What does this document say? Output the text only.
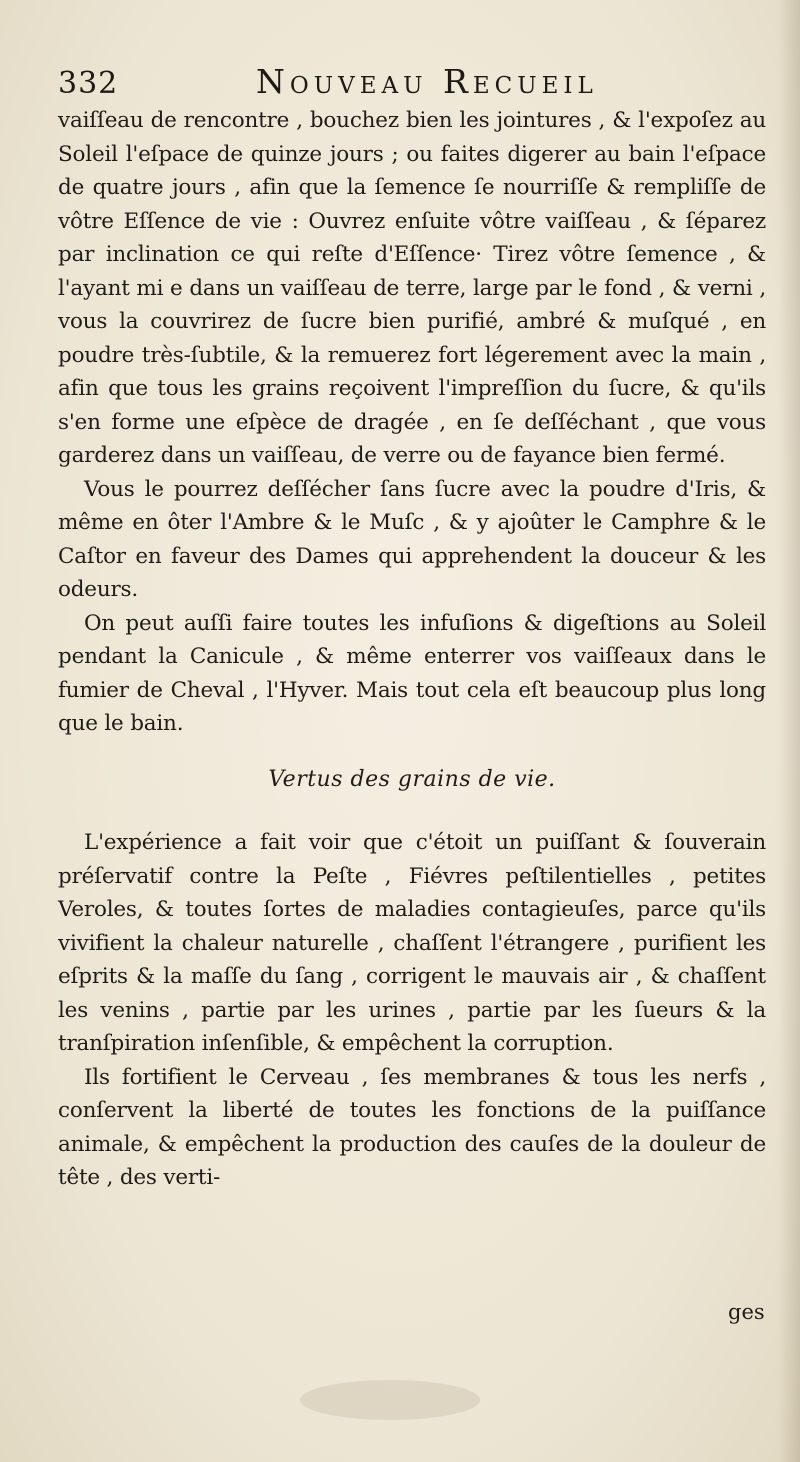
332	Nouveau Recueil

vaiſſeau de rencontre , bouchez bien les jointures , & l'expoſez au Soleil l'eſpace de quinze jours ; ou faites digerer au bain l'eſpace de quatre jours , afin que la ſemence ſe nourriſſe & rempliſſe de vôtre Eſſence de vie : Ouvrez enſuite vôtre vaiſſeau , & ſéparez par inclination ce qui reſte d'Eſſence· Tirez vôtre ſemence , & l'ayant mi e dans un vaiſſeau de terre, large par le fond , & verni , vous la couvrirez de ſucre bien purifié, ambré & muſqué , en poudre très-ſubtile, & la remuerez fort légerement avec la main , afin que tous les grains reçoivent l'impreſſion du ſucre, & qu'ils s'en forme une eſpèce de dragée , en ſe deſſéchant , que vous garderez dans un vaiſſeau, de verre ou de fayance bien fermé.

Vous le pourrez deſſécher ſans ſucre avec la poudre d'Iris, & même en ôter l'Ambre & le Muſc , & y ajoûter le Camphre & le Caſtor en faveur des Dames qui apprehendent la douceur & les odeurs.

On peut auſſi faire toutes les infuſions & digeſtions au Soleil pendant la Canicule , & même enterrer vos vaiſſeaux dans le fumier de Cheval , l'Hyver. Mais tout cela eſt beaucoup plus long que le bain.

Vertus des grains de vie.

L'expérience a fait voir que c'étoit un puiſſant & ſouverain préſervatif contre la Peſte , Fiévres peſtilentielles , petites Veroles, & toutes ſortes de maladies contagieuſes, parce qu'ils vivifient la chaleur naturelle , chaſſent l'étrangere , purifient les eſprits & la maſſe du ſang , corrigent le mauvais air , & chaſſent les venins , partie par les urines , partie par les ſueurs & la tranſpiration inſenſible, & empêchent la corruption.

Ils fortifient le Cerveau , ſes membranes & tous les nerfs , conſervent la liberté de toutes les fonctions de la puiſſance animale, & empêchent la production des cauſes de la douleur de tête , des verti-

ges
